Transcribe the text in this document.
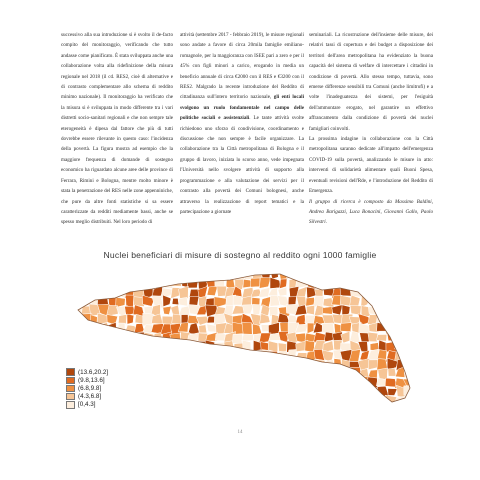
successivo alla sua introduzione si è svolto il de-facto compito del monitoraggio, verificando che tutto andasse come pianificato. È stata sviluppata anche una collaborazione volta alla ridefinizione della misura regionale nel 2018 (il cd. RES2, cioè di alternative e di contrasto complementare allo schema di reddito minimo nazionale). Il monitoraggio ha verificato che la misura si è sviluppata in modo differente tra i vari distretti socio-sanitari regionali e che non sempre tale eterogeneità è dipesa dal fattore che più di tutti dovrebbe essere rilevante in questo caso: l'incidenza della povertà. La figura mostra ad esempio che la maggiore frequenza di domande di sostegno economico ha riguardato alcune aree delle province di Ferrara, Rimini e Bologna, mentre molto minore è stata la penetrazione del RES nelle zone appenniniche, che pure da altre fonti statistiche si sa essere caratterizzate da redditi mediamente bassi, anche se spesso meglio distribuiti. Nel loro periodo di

attività (settembre 2017 - febbraio 2019), le misure regionali sono andate a favore di circa 20mila famiglie emiliano-romagnole, per la maggioranza con ISEE pari a zero e per il 45% con figli minori a carico, erogando in media un beneficio annuale di circa €2000 con il RES e €3200 con il RES2. Malgrado la recente introduzione del Reddito di cittadinanza sull'intero territorio nazionale, gli enti locali svolgono un ruolo fondamentale nel campo delle politiche sociali e assistenziali. Le tante attività svolte richiedono uno sforzo di condivisione, coordinamento e discussione che non sempre è facile organizzare. La collaborazione tra la Città metropolitana di Bologna e il gruppo di lavoro, iniziata lo scorso anno, vede impegnata l'Università nello svolgere attività di supporto alla programmazione e alla valutazione dei servizi per il contrasto alla povertà dei Comuni bolognesi, anche attraverso la realizzazione di report tematici e la partecipazione a giornate

seminariali. La ricostruzione dell'insieme delle misure, dei relativi tassi di copertura e dei budget a disposizione dei territori dell'area metropolitana ha evidenziato la buona capacità del sistema di welfare di intercettare i cittadini in condizione di povertà. Allo stesso tempo, tuttavia, sono emerse differenze sensibili tra Comuni (anche limitrofi) e a volte l'inadeguatezza dei sistemi, per l'esiguità dell'ammontare erogato, nel garantire un effettivo affrancamento dalla condizione di povertà dei nuclei famigliari coinvolti.

La prossima indagine in collaborazione con la Città metropolitana saranno dedicate all'impatto dell'emergenza COVID-19 sulla povertà, analizzando le misure in atto: interventi di solidarietà alimentare quali Buoni Spesa, eventuali revisioni dell'Rde, e l'introduzione del Reddito di Emergenza.

Il gruppo di ricerca è composto da Massimo Baldini, Andrea Barigazzi, Luca Bonacini, Giovanni Gallo, Paolo Silvestri.

Nuclei beneficiari di misure di sostegno al reddito ogni 1000 famiglie
(13.6,20.2]
(9.8,13.6]
(6.8,9.8]
(4.3,6.8]
[0,4.3]
14
